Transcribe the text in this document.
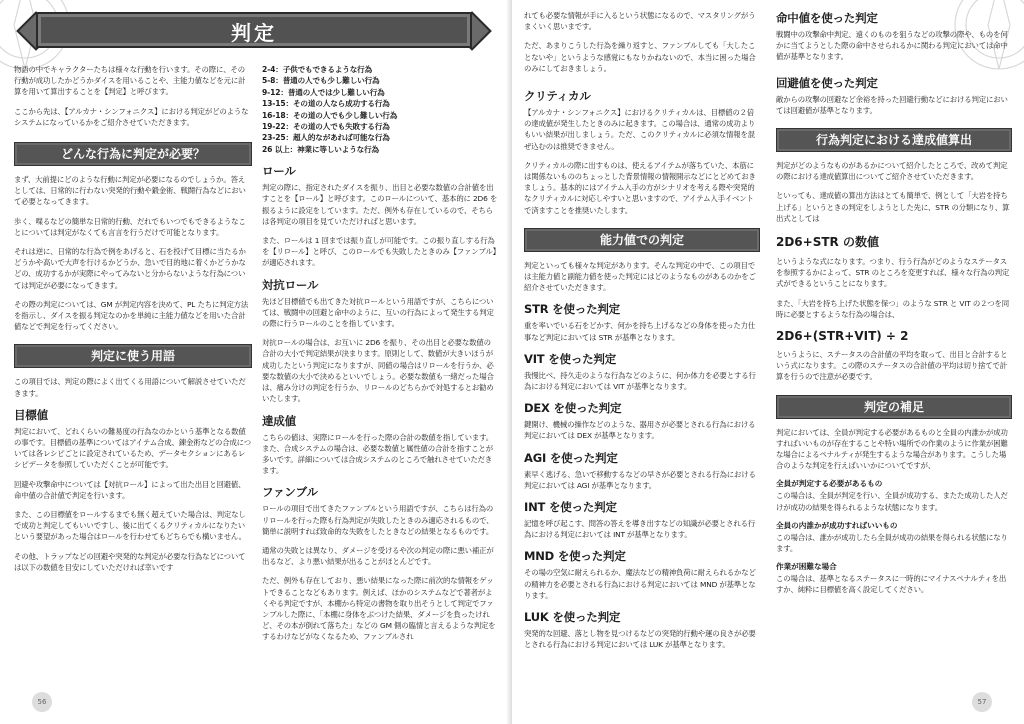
判定

物語の中でキャラクターたちは様々な行動を行います。その際に、その行動が成功したかどうかダイスを用いることや、主能力値などを元に計算を用いて算出することを【判定】と呼びます。

ここから先は、【アルカナ・シンフォニクス】における判定がどのようなシステムになっているかをご紹介させていただきます。

どんな行為に判定が必要？

まず、大前提にどのような行動に判定が必要になるのでしょうか。答えとしては、日常的に行わない突発的行動や鍛金術、戦闘行為などにおいて必要となってきます。

歩く、喋るなどの簡単な日常的行動、だれでもいつでもできるようなことについては判定がなくても言言を行うだけで可能となります。

それは逆に、日常的な行為で例をあげると、石を投げて目標に当たるかどうかや高いで大声を行けるかどうか、急いで目的地に着くかどうかなどの、成功するかが実際にやってみないと分からないような行為については判定が必要になってきます。

その際の判定については、GM が判定内容を決めて、PL たちに判定方法を指示し、ダイスを振る判定なのかを単純に主能力値などを用いた合計値などで判定を行ってください。

判定に使う用語

この項目では、判定の際によく出てくる用語について解説させていただきます。

目標値

判定において、どれくらいの難易度の行為なのかという基準となる数値の事です。目標値の基準についてはアイテム合成、錬金術などの合成については各レシピごとに設定されているため、データセクションにあるレシピデータを参照していただくことが可能です。

回避や攻撃命中については【対抗ロール】によって出た出目と回避値、命中値の合計値で判定を行います。

また、この目標値をロールするまでも無く超えていた場合は、判定なしで成功と判定してもいいですし、後に出てくるクリティカルになりたいという要望があった場合はロールを行わせてもどちらでも構いません。

その他、トラップなどの回避や突発的な判定が必要な行為などについては以下の数値を目安にしていただければ幸いです

2-4：子供でもできるような行為

5-8：普通の人でも少し難しい行為

9-12：普通の人では少し難しい行為

13-15：その道の人なら成功する行為

16-18：その道の人でも少し難しい行為

19-22：その道の人でも失敗する行為

23-25：超人的ながあれば可能な行為

26 以上：神業に等しいような行為

ロール

判定の際に、指定されたダイスを振り、出目と必要な数値の合計値を出すことを【ロール】と呼びます。このロールについて、基本的に 2D6 を振るように設定をしています。ただ、例外も存在しているので、そちらは各判定の項目を見ていただければと思います。

また、ロールは 1 回までは振り直しが可能です。この振り直しする行為を【リロール】と呼び、このロールでも失敗したときのみ【ファンブル】が適応されます。

対抗ロール

先ほど目標値でも出てきた対抗ロールという用語ですが、こちらについては、戦闘中の回避と命中のように、互いの行為によって発生する判定の際に行うロールのことを指しています。

対抗ロールの場合は、お互いに 2D6 を振り、その出目と必要な数値の合計の大小で判定結果が決まります。原則として、数値が大きいほうが成功したという判定になりますが、同値の場合はリロールを行うか、必要な数値の大小で決めるといいでしょう。必要な数値も一緒だった場合は、痛み分けの判定を行うか、リロールのどちらかで対処するとお勧めいたします。

達成値

こちらの値は、実際にロールを行った際の合計の数値を指しています。また、合成システムの場合は、必要な数値と属性値の合計を指すことが多いです。詳細については合成システムのところで触れさせていただきます。

ファンブル

ロールの項目で出てきたファンブルという用語ですが、こちらは行為のリロールを行った際も行為判定が失敗したときのみ適応されるもので、簡単に説明すれば致命的な失敗をしたときなどの結果となるものです。

通常の失敗とは異なり、ダメージを受けるや次の判定の際に悪い補正が出るなど、より悪い結果が出ることがほとんどです。

ただ、例外も存在しており、悪い結果になった際に前次的な情報をゲットできることなどもあります。例えば、ほかのシステムなどで著者がよくやる判定ですが、本棚から特定の書物を取り出そうとして判定でファンブルした際に、「本棚に身体をぶつけた結果、ダメージを負ったけれど、その本が倒れて落ちた」などの GM 側の臨情と言えるような判定をするわけなどがなくなるため、ファンブルされ

56

れても必要な情報が手に入るという状態になるので、マスタリングがうまくいく思いまです。

ただ、あまりこうした行為を繰り返すと、ファンブルしても「大したことないや」というような感覚にもなりかねないので、本当に困った場合のみにしておきましょう。

クリティカル

【アルカナ・シンフォニクス】におけるクリティカルは、目標値の２倍の達成値が発生したときのみに起きます。この場合は、通常の成功よりもいい結果が出しましょう。ただ、このクリティカルに必須な情報を混ぜ込むのは推奨できません。

クリティカルの際に出すものは、使えるアイテムが落ちていた、本筋には関係ないもののちょっとした背景情報の情報開示などにとどめておきましょう。基本的にはアイテム入手の方がシナリオを考える際や突発的なクリティカルに対応しやすいと思いますので、アイテム入手イベントで済ますことを推奨いたします。

能力値での判定

判定といっても様々な判定があります。そんな判定の中で、この項目では主能力値と副能力値を使った判定にはどのようなものがあるのかをご紹介させていただきます。

STR を使った判定

重を率いでいる石をどかす、何かを持ち上げるなどの身体を使った力仕事など判定においては STR が基準となります。

VIT を使った判定

我慢比べ、持久走のような行為などのように、何か体力を必要とする行為における判定においては VIT が基準となります。

DEX を使った判定

鍵開け、機械の操作などのような、器用さが必要とされる行為における判定においては DEX が基準となります。

AGI を使った判定

素早く逃げる、急いで移動するなどの早さが必要とされる行為における判定においては AGI が基準となります。

INT を使った判定

記憶を呼び起こす、問答の答えを導き出すなどの知識が必要とされる行為における判定においては INT が基準となります。

MND を使った判定

その場の空気に耐えられるか、魔法などの精神負荷に耐えられるかなどの精神力を必要とされる行為における判定においては MND が基準となります。

LUK を使った判定

突発的な回避、落とし物を見つけるなどの突発的行動や運の良さが必要とされる行為における判定においては LUK が基準となります。

命中値を使った判定

戦闘中の攻撃命中判定、遠くのものを狙うなどの攻撃の際や、ものを何かに当てようとした際の命中させられるかに関わる判定においては命中値が基準となります。

回避値を使った判定

敵からの攻撃の回避など余裕を持った回避行動などにおける判定においては回避値が基準となります。

行為判定における達成値算出

判定がどのようなものがあるかについて紹介したところで、改めて判定の際における達成値算出についてご紹介させていただきます。

といっても、達成値の算出方法はとても簡単で、例として「大岩を持ち上げる」というときの判定をしようとした先に、STR の分類になり、算出式としては

2D6+STR の数値

というような式になります。つまり、行う行為がどのようなステータスを参照するかによって、STR のところを変更すれば、様々な行為の判定式ができるということになります。

また、「大岩を持ち上げた状態を保つ」のような STR と VIT の２つを同時に必要とするような行為の場合は、

2D6+(STR+VIT) ÷ 2

というように、ステータスの合計値の平均を取って、出目と合計するという式になります。この際のステータスの合計値の平均は切り捨てで計算を行うので注意が必要です。

判定の補足

判定においては、全員が判定する必要があるものと全員の内誰かが成功すればいいものが存在することや特い場所での作業のように作業が困難な場合によるペナルティが発生するような場合があります。こうした場合のような判定を行えばいいかについてですが、

全員が判定する必要があるもの

この場合は、全員が判定を行い、全員が成功する、またた成功した人だけが成功の結果を得られるような状態になります。

全員の内誰かが成功すればいいもの

この場合は、誰かが成功したら全員が成功の結果を得られる状態になります。

作業が困難な場合

この場合は、基準となるステータスに一時的にマイナスペナルティを出すか、純粋に目標値を高く設定してください。

57
